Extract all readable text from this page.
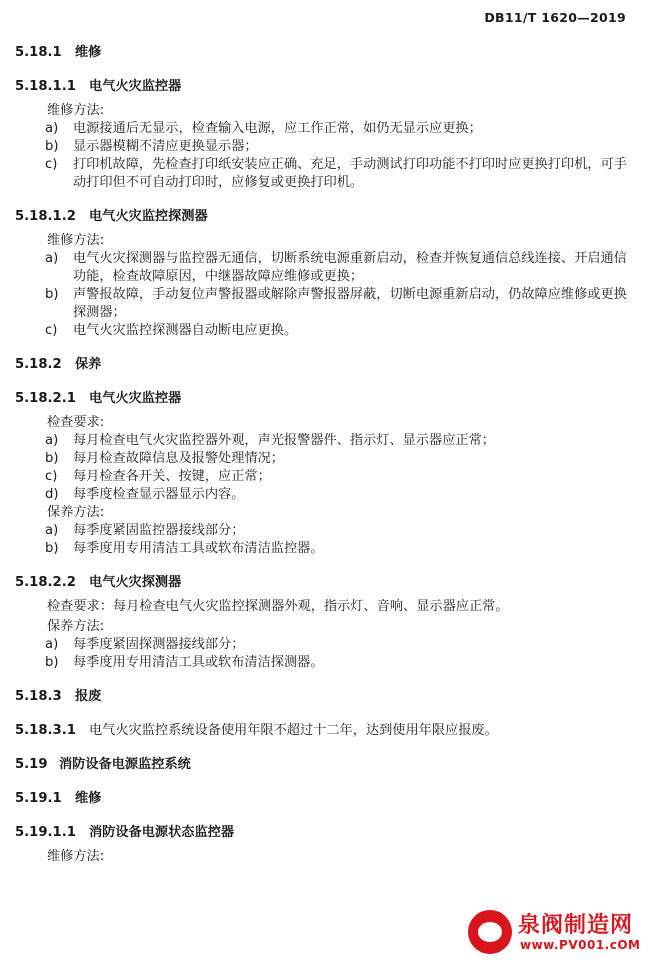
DB11/T 1620—2019
5.18.1 维修
5.18.1.1 电气火灾监控器
维修方法:
a)	电源接通后无显示，检查输入电源，应工作正常，如仍无显示应更换；
b)	显示器模糊不清应更换显示器；
c)	打印机故障，先检查打印纸安装应正确、充足，手动测试打印功能不打印时应更换打印机，可手动打印但不可自动打印时，应修复或更换打印机。
5.18.1.2 电气火灾监控探测器
维修方法:
a)	电气火灾探测器与监控器无通信，切断系统电源重新启动，检查并恢复通信总线连接、开启通信功能，检查故障原因，中继器故障应维修或更换；
b)	声警报故障，手动复位声警报器或解除声警报器屏蔽，切断电源重新启动，仍故障应维修或更换探测器；
c)	电气火灾监控探测器自动断电应更换。
5.18.2 保养
5.18.2.1 电气火灾监控器
检查要求:
a)	每月检查电气火灾监控器外观，声光报警器件、指示灯、显示器应正常；
b)	每月检查故障信息及报警处理情况；
c)	每月检查各开关、按键，应正常；
d)	每季度检查显示器显示内容。
保养方法:
a)	每季度紧固监控器接线部分；
b)	每季度用专用清洁工具或软布清洁监控器。
5.18.2.2 电气火灾探测器
检查要求：每月检查电气火灾监控探测器外观，指示灯、音响、显示器应正常。
保养方法:
a)	每季度紧固探测器接线部分；
b)	每季度用专用清洁工具或软布清洁探测器。
5.18.3 报废
5.18.3.1 电气火灾监控系统设备使用年限不超过十二年，达到使用年限应报废。
5.19 消防设备电源监控系统
5.19.1 维修
5.19.1.1 消防设备电源状态监控器
维修方法:
泉阀制造网
www.PV001.cOM
